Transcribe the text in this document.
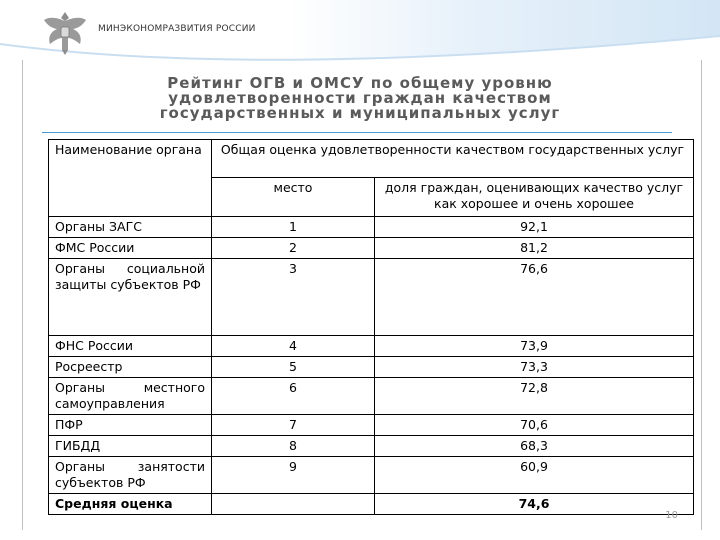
МИНЭКОНОМРАЗВИТИЯ РОССИИ
Рейтинг ОГВ и ОМСУ по общему уровню
удовлетворенности граждан качеством
государственных и муниципальных услуг
Наименование органа	Общая оценка удовлетворенности качеством государственных услуг	
	место	доля граждан, оценивающих качество услуг как хорошее и очень хорошее
Органы ЗАГС	1	92,1
ФМС России	2	81,2
Органы социальной защиты субъектов РФ	3	76,6
ФНС России	4	73,9
Росреестр	5	73,3
Органы местного самоуправления	6	72,8
ПФР	7	70,6
ГИБДД	8	68,3
Органы занятости субъектов РФ	9	60,9
Средняя оценка		74,6
10
